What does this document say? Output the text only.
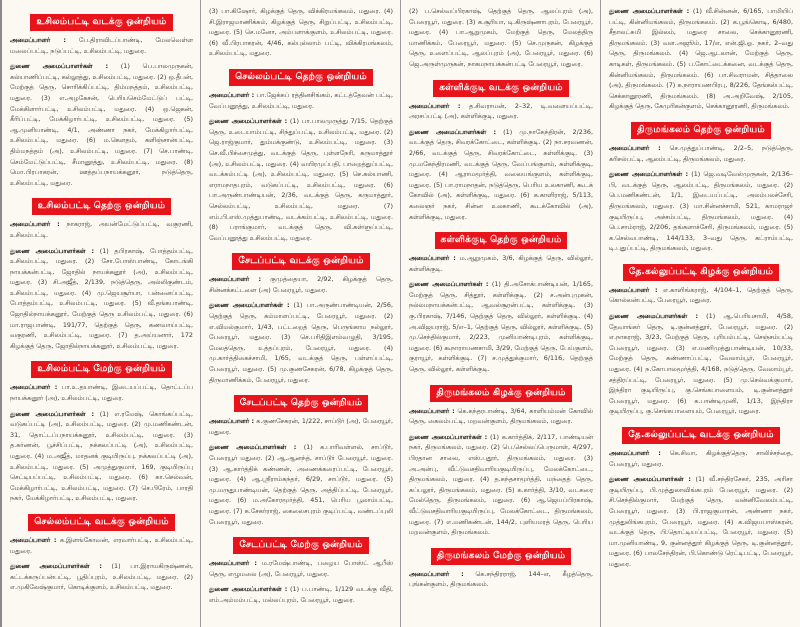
உசிலம்பட்டி வடக்கு ஒன்றியம்

அமைப்பாளர் : பே.திராவிடப்பாண்டி, மேலவெள்ள மலைப்பட்டி, நடுப்பட்டி, உசிலம்பட்டி, மதுரை.

துணை அமைப்பாளர்கள் : (1) பெ.பாலமுருகன், கல்யாணிப்பட்டி, கல்லூத்து, உசிலம்பட்டி, மதுரை. (2) ஒ.தீபன், மேற்குத் தெரு, சொரிக்கிப்பட்டி, திம்மநத்தம், உசிலம்பட்டி, மதுரை. (3) எ.அழகேசன், பெரியசெம்மேட்டுப் பட்டி, மேக்கிளார்பட்டி, உசிலம்பட்டி, மதுரை. (4) ஒ.ஜெகன், கீரிப்பட்டி, மேக்கிழார்பட்டி, உசிலம்பட்டி, மதுரை. (5) ஆ.முனியாண்டி, 4/1, அண்ணா நகர், மேக்கிழார்பட்டி, உசிலம்பட்டி, மதுரை. (6) ம.கௌதம், களிஞ்சான்பட்டி, திம்மநத்தம் (அ), உசிலம்பட்டி, மதுரை. (7) செ.பாண்டி, செம்மேட்டுப்பட்டி, சீமானூத்து, உசிலம்பட்டி, மதுரை. (8) மொ.பிரபாகரன், ஊத்தப்பநாயக்கனூர், நடுத்தெரு, உசிலம்பட்டி, மதுரை.

உசிலம்பட்டி தெற்கு ஒன்றியம்

அமைப்பாளர் : நாகராஜ், அயன்மேட்டுப்பட்டி, வகுரணி, உசிலம்பட்டி.

துணை அமைப்பாளர்கள் : (1) தபிரகாஷ், போத்தம்பட்டி, உசிலம்பட்டி, மதுரை. (2) சோ.போஸ்பாண்டி, கோடங்கி நாயக்கன்பட்டி, ஜோதில் நாயக்கனூர் (அ), உசிலம்பட்டி, மதுரை. (3) சி.அஜீத், 2/139, நடுத்தெரு, அல்லிகுண்டம், உசிலம்பட்டி, மதுரை. (4) மு.ஜெயசூர்யா, பன்னைப்பட்டி, போத்தம்பட்டி, உசிலம்பட்டி, மதுரை. (5) வீ.தங்கபாண்டி, ஜோதில்நாயக்கனூர், மேற்குத் தெரு உசிலம்பட்டி, மதுரை. (6) மா.ராஜபாண்டி, 191/77, தெற்குத் தெரு, கணவாய்பட்டி, வகுரணி, உசிலம்பட்டி, மதுரை. (7) த.அய்யனார், 172 கிழக்குத் தெரு, ஜோதில்நாயக்கனூர், உசிலம்பட்டி, மதுரை.

உசிலம்பட்டி மேற்கு ஒன்றியம்

அமைப்பாளர் : பா.உ.தயாண்டி, இடையப்பட்டி, தொட்டப்ப நாயக்கனூர் (அ), உசிலம்பட்டி, மதுரை.

துணை அமைப்பாளர்கள் : (1) எ.ரமேஷ், கொங்கப்பட்டி, வடுகப்பட்டி (அ), உசிலம்பட்டி, மதுரை. (2) மு.மணிகண்டன், 31, தொட்டப்பநாயக்கனூர், உசிலம்பட்டி, மதுரை. (3) த.கர்ணன், பூச்சிப்பட்டி, நக்கலப்பட்டி (அ), உசிலம்பட்டி, மதுரை. (4) ம.அஜீத், மாதனக் குடியிருப்பு, நக்கலப்பட்டி (அ), உசிலம்பட்டி, மதுரை. (5) அமுத்துகுமார், 169, குடியிருப்பு செட்டியப்பட்டி, உசிலம்பட்டி, மதுரை. (6) கா.செல்வன், மேக்கிழார்பட்டி, உசிலம்பட்டி, மதுரை. (7) செ.பிரேம், பாரதி நகர், மேக்கிழார்பட்டி, உசிலம்பட்டி, மதுரை.

செல்லம்பட்டி வடக்கு ஒன்றியம்

அமைப்பாளர் : க.இளங்கோவன், எரவார்பட்டி, உசிலம்பட்டி, மதுரை.

துணை அமைப்பாளர்கள் : (1) பா.இராமகிருஷ்ணன், கட்டக்கருப்பன்பட்டி, பூதிப்புரம், உசிலம்பட்டி, மதுரை. (2) எ.முகிலேஷ்குமார், கொடிக்குளம், உசிலம்பட்டி, மதுரை.

(3) பா.கிஷோர், கிழக்குத் தெரு, விக்கிரமங்கலம், மதுரை. (4) சி.இராஜமாணிக்கம், கிழக்குத் தெரு, சிறுப்பட்டி, உசிலம்பட்டி, மதுரை. (5) செ.மனோ, அம்பளாக்குளம், உசிலம்பட்டி, மதுரை. (6) வீ.பிரபாகரன், 4/46, கல்புல்லாம் பட்டி, விக்கிரமங்கலம், உசிலம்பட்டி, மதுரை.

செல்லம்பட்டி தெற்கு ஒன்றியம்

அமைப்பாளர் : பா.ஜேக்கப் ரத்தினசிங்கம், கட்டத்தேவன் பட்டி, வேப்பனூத்து, உசிலம்பட்டி, மதுரை.

துணை அமைப்பாளர்கள் : (1) பா.பாலமுருத்து 7/15, தெற்குத் தெரு, உடையாம்பட்டி, சிந்துப்பட்டி, உசிலம்பட்டி, மதுரை. (2) ஜெ.ராஜ்குமார், தும்மக்குண்டு, உசிலம்பட்டி, மதுரை. (3) செ.வீ.பிச்சைமுத்து, வடக்குத் தெரு, புள்ளநேரி, கருமாத்தூர் (அ), உசிலம்பட்டி, மதுரை. (4) வயிரமுப்பதி, பாறைத்துப்பட்டி, வடக்கம்பட்டி (அ), உசிலம்பட்டி, மதுரை. (5) செ.கல்யாணி, எராமநாதபுரம், வடுகப்பட்டி, உசிலம்பட்டி, மதுரை. (6) பா.அருண்பாண்டியன், 2/36, வடக்குத் தெரு, கருமாத்தூர், செல்லம்பட்டி, உசிலம்பட்டி, மதுரை. (7) எம்.பி.எஸ்.முத்துபாண்டி, வடக்கம்பட்டி, உசிலம்பட்டி, மதுரை. (8) பராங்குமார், வடக்குத் தெரு, வி.கள்ளுப்பட்டி, வேப்பனூத்து உசிலம்பட்டி, மதுரை.

சேடப்பட்டி வடக்கு ஒன்றியம்

அமைப்பாளர் : குமுத்தையா, 2/92, கிழக்குத் தெரு, சின்னக்கட்டளை (அ) பேரையூர், மதுரை.

துணை அமைப்பாளர்கள் : (1) பா.அருண்பாண்டியன், 2/56, தெற்குத் தெரு, கம்மாளப்பட்டி, பேரையூர், மதுரை. (2) எ.விமல்குமார், 1/43, பட்டறைத் தெரு, பெருங்காம நல்லூர், பேரையூர், மதுரை. (3) செ.பரிதிஇளம்வழுதி, 3/195, மேலத்தெரு, உத்தப்புரம், பேரையூர், மதுரை. (4) மு.கார்த்திகைச்சாமி, 1/65, வடக்குத் தெரு, பள்ளப்பட்டி, பேரையூர், மதுரை. (5) மு.குணசேகரன், 6/78, கிழக்குத் தெரு, திருமாணிக்கம், பேரையூர், மதுரை.

சேடப்பட்டி தெற்கு ஒன்றியம்

அமைப்பாளர் : க.குணசேகரன், 1/222, சாப்டூர் (அ), பேரையூர், மதுரை.

துணை அமைப்பாளர்கள் : (1) க.பாரிவள்ளல், சாப்டூர், பேரையூர் மதுரை. (2) ஆ.ஆனந்த், சாப்டூர் பேரையூர், மதுரை. (3) ஆ.கார்த்திக் கண்ணன், அணைக்கரைப்பட்டி, பேரையூர், மதுரை. (4) ஆ.ஸ்ரீராம்கந்தர், 6/29, சாப்டூர், மதுரை. (5) மு.மருதுபாண்டியன், தெற்குத் தெரு, அத்திப்பட்டி, பேரையூர், மதுரை. (6) ம.அகோரமூர்த்தி, 451, பெரிய பூலாம்பட்டி, மதுரை. (7) க.சேகர்ராஜ், கைலைசபுரம் குடிப்பட்டி, வண்டப்புலி பேரையூர், மதுரை.

சேடப்பட்டி மேற்கு ஒன்றியம்

அமைப்பாளர் : ம.ரமேஷ்பாண்டி, பழைய போஸ்ட் ஆபீஸ் தெரு, எழுமலை (அ), பேரையூர், மதுரை.

துணை அமைப்பாளர்கள் : (1) ப.பாண்டி, 1/129 வடக்கு வீதி, எம்.அம்மம்பட்டி, மல்லப்புரம், பேரையூர், மதுரை.

(2) ப.செல்வப்பிரகாஷ், தெற்குத் தெரு, ஆலப்புரம் (அ), பேரையூர், மதுரை. (3) க.சூரியா, டி.கிருஷ்ணாபுரம், பேரையூர், மதுரை. (4) பா.ஆறுமுகம், மேற்குத் தெரு, மேலத்திரு மாணிக்கம், பேரையூர், மதுரை. (5) செ.முருகன், கிழக்குத் தெரு, உளைப்பட்டி, ஆலப்புரம் (அ), பேரையூர், மதுரை. (6) ஜெ.அருள்முருகன், நாகமநாயக்கன்பட்டி பேரையூர், மதுரை.

கள்ளிக்குடி வடக்கு ஒன்றியம்

அமைப்பாளர் : த.சிவராமன், 2–32, டி.வளையப்பட்டி, அரசப்பட்டி (அ), கள்ளிக்குடி, மதுரை.

துணை அமைப்பாளர்கள் : (1) மு.நாகேந்திரன், 2/236, வடக்குத் தெரு, சிவரக்கோட்டை, கள்ளிக்குடி. (2) நா.சரவணன், 2/66, வடக்குத் தெரு, சிவரக்கோட்டை, கள்ளிக்குடி. (3) மு.மகேந்திரமணி, வடக்குத் தெரு, வேப்பங்குளம், கள்ளிக்குடி, மதுரை. (4) ஆராமமூர்த்தி, வலையங்குளம், கள்ளிக்குடி, மதுரை. (5) பா.ராமநாதன், நடுத்தெரு, பெரிய உலகாணி, கூடக் கோவில் (அ), கள்ளிக்குடி, மதுரை. (6) க.காளிராஜ், 5/113, கலைஞர் நகர், சின்ன உலகாணி, கூடக்கோவில் (அ), கள்ளிக்குடி, மதுரை.

கள்ளிக்குடி தெற்கு ஒன்றியம்

அமைப்பாளர் : ம.ஆறுமுகம், 3/6, கிழக்குத் தெரு, வில்லூர், கள்ளிக்குடி.

துணை அமைப்பாளர்கள் : (1) தி.அசோக்பாண்டியன், 1/165, மேற்குத் தெரு, சித்தூர், கள்ளிக்குடி. (2) ச.அன்புமுகன், நல்லமநாயக்கன்பட்டி, ஆவல்சூரன்பட்டி, கள்ளிக்குடி. (3) கு.பிரகாஷ், 7/146, தெற்குத் தெரு, வில்லூர், கள்ளிக்குடி. (4) அ.விஜயராஜ், 5/எ–1, தெற்குத் தெரு, வில்லூர், கள்ளிக்குடி. (5) மு.செந்தில்குமார், 2/223, முனியாண்டிபுரம், கள்ளிக்குடி, மதுரை. (6) கூநாராயணசாமி, 3/29, மேற்குத் தெரு, பேய்குளம், குராயூர், கள்ளிக்குடி. (7) ச.முத்துக்குமார், 6/116, தெற்குத் தெரு, வில்லூர், கள்ளிக்குடி.

திருமங்கலம் கிழக்கு ஒன்றியம்

அமைப்பாளர் : கெ.கந்தரபாண்டி, 3/64, காளியம்மன் கோவில் தெரு, கைலம்பட்டி, மறவன்குளம், திருமங்கலம், மதுரை.

துணை அமைப்பாளர்கள் : (1) க.கார்த்திக், 2/117, பாண்டியன் நகர், திருமங்கலம், மதுரை. (2) பெ.செல்லப்பெருமாள், 4/297, பிரதான சாலை, எஸ்.புதூர், திருமங்கலம், மதுரை. (3) அ.அன்பு, வீட்டுவசதிவாரியகுடியிருப்பு, மேலக்கோட்டை, திருமங்கலம், மதுரை. (4) த.கந்தசாமூர்த்தி, மந்தைத் தெரு, கப்பலூர், திருமங்கலம், மதுரை. (5) க.கார்த்தி, 3/10, வடகரை மேல்தெரு, திருமங்கலம், மதுரை. (6) ஆ.ஜெயப்பிரகாஷ், வீட்டுவசதிவாரியகுடியிருப்பு, மேலக்கோட்டை, திருமங்கலம், மதுரை. (7) எ.மணிகண்டன், 144/2, புளியமரத் தெரு, பெரிய மறவன்குளம், திருமங்கலம்.

திருமங்கலம் மேற்கு ஒன்றியம்

அமைப்பாளர் : கெ.சந்திரராஜ், 144–எ, கீழத்தெரு, புங்கன்குளம், திருமங்கலம்.

துணை அமைப்பாளர்கள் : (1) வீ.சின்னன், 6/165, பாமியிப் பட்டி, கின்னிமங்கலம், திருமங்கலம். (2) க.பூங்கொடி, 6/480, சீதாலட்சுமி இல்லம், மதுரை சாலை, செக்கானூரணி, திருமங்கலம். (3) வள.அஜூம், 17/எ, என்.ஜி.ஓ. நகர், 2–வது தெரு, திருமங்கலம். (4) ஜெ.ஆடலான், மேற்குத் தெரு, காடிகள், திருமங்கலம். (5) ப.கோட்டைக்கனை, வடக்குத் தெரு, கின்னிமங்கலம், திருமங்கலம். (6) பா.சிவராமன், சித்தாலை (அ), திருமங்கலம். (7) க.நாராயணபிரபு, 8/226, தேங்கல்பட்டி, செக்கானூரணி, திருமங்கலம். (8) அ.அறிவேஷ், 2/105, கிழக்குத் தெரு, கேமுரிகன்குளம், செக்கானூரணி, திருமங்கலம்.

திருமங்கலம் தெற்கு ஒன்றியம்

அமைப்பாளர் : செ.முத்துப்பாண்டி, 2/2–5, நடுத்தெரு, கரிசல்பட்டி, ஆலம்பட்டி, திருமங்கலம், மதுரை.

துணை அமைப்பாளர்கள் : (1) ஜெ.வடிவேல்முருகன், 2/136–பி, வடக்குத் தெரு, ஆலம்பட்டி, திருமங்கலம், மதுரை. (2) பெ.மணிகண்டன், 1/1, இடையப்பட்டி, அலம்பலச்சேரி, திருமங்கலம், மதுரை. (3) மா.சின்னச்சாமி, 521, காமராஜர் குடியிருப்பு, அச்சம்பட்டி, திருமங்கலம், மதுரை. (4) பெ.சாம்ராஜ், 2/206, தங்களாச்சேரி, திருமங்கலம், மதுரை. (5) க.செல்வபாண்டி, 144/133, 3–வது தெரு, கட்ராம்பட்டி, டி.புதுப்பட்டி, திருமங்கலம், மதுரை.

தே.கல்லுப்பட்டி கிழக்கு ஒன்றியம்

அமைப்பாளர் : எ.காளிங்கராஜ், 4/104–1, தெற்குத் தெரு, கொல்லன்பட்டி, பேரையூர், மதுரை.

துணை அமைப்பாளர்கள் : (1) ஆ.பெரியசாமி, 4/58, தேவாங்கர் தெரு, டி.குன்னத்தூர், பேரையூர், மதுரை. (2) எ.நாகராஜ், 3/23, மேற்குத் தெரு, புரியம்பட்டி, செஞ்சம்பட்டி பேரையூர், மதுரை. (3) எ.மணிமுத்துபாண்டியன், 10/33, மேற்குத் தெரு, கண்ணாப்பட்டி, வேலாம்பூர், பேரையூர், மதுரை. (4) ந.கோபாலமூர்த்தி, 4/168, நடுத்தெரு, வேலாம்பூர், சத்திரப்பட்டி, பேரையூர், மதுரை. (5) மு.செல்வக்குமார், இந்திரா குடியிருப்பு, கு.செங்கபாளையம், டி.குன்னத்தூர் பேரையூர், மதுரை. (6) க.பாண்டிமுனி, 1/13, இந்திரா குடியிருப்பு, கு.செங்கபாளையம், பேரையூர், மதுரை.

தே.கல்லுப்பட்டி வடக்கு ஒன்றியம்

அமைப்பாளர் : கெ.சிவா, கிழக்குத்தெரு, சாலிச்சந்தை, பேரையூர், மதுரை.

துணை அமைப்பாளர்கள் : (1) வீ.சந்திரசேகர், 235, அரிசா குடியிருப்பு, பி.முத்துலாவிங்கபுரம் பேரையூர், மதுரை. (2) சி.செந்தில்குமார், மேற்குத் தெரு, வன்னிவேலம்பட்டி, பேரையூர், மதுரை. (3) பி.ராஜகுமாரன், அண்ணா நகர், முத்துலிங்கபுரம், பேரையூர், மதுரை. (4) க.விஜயபாஸ்கரன், வடக்குத் தெரு, பி.தொட்டியப்பட்டி, பேரையூர், மதுரை. (5) மா.முனியாண்டி, 9, குன்னத்தூர் கிழக்குத் தெரு, டி.குன்னத்தூர், மதுரை. (6) பாலசேந்திரன், பி.கொண்டு ரெட்டிபட்டி, பேரையூர், மதுரை.
